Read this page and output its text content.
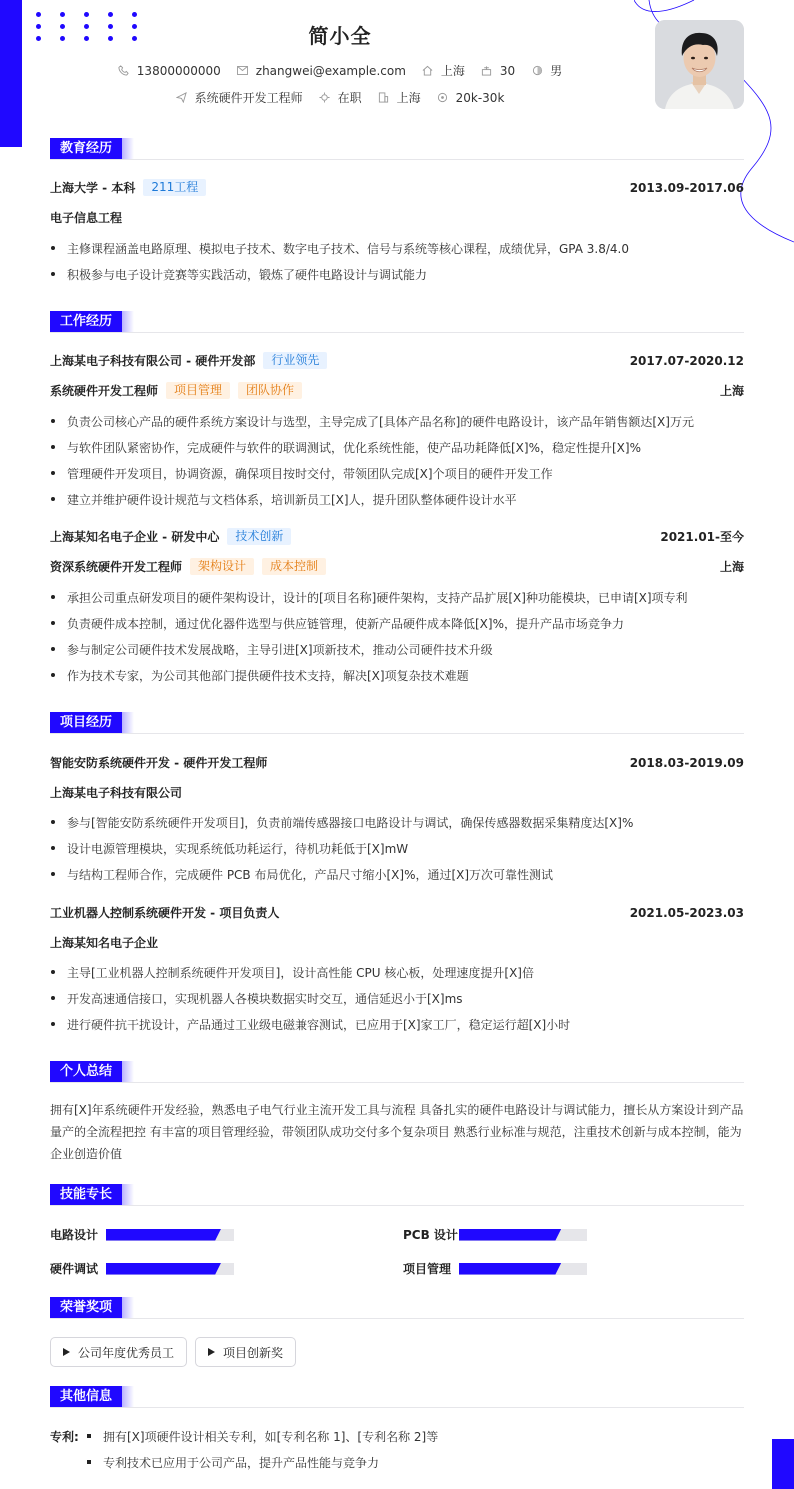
简小全
13800000000	zhangwei@example.com	上海	30	男
系统硬件开发工程师	在职	上海	20k-30k
教育经历
上海大学 - 本科	211工程	2013.09-2017.06
电子信息工程
主修课程涵盖电路原理、模拟电子技术、数字电子技术、信号与系统等核心课程，成绩优异，GPA 3.8/4.0
积极参与电子设计竞赛等实践活动，锻炼了硬件电路设计与调试能力
工作经历
上海某电子科技有限公司 - 硬件开发部	行业领先	2017.07-2020.12
系统硬件开发工程师	项目管理	团队协作	上海
负责公司核心产品的硬件系统方案设计与选型，主导完成了[具体产品名称]的硬件电路设计，该产品年销售额达[X]万元
与软件团队紧密协作，完成硬件与软件的联调测试，优化系统性能，使产品功耗降低[X]%，稳定性提升[X]%
管理硬件开发项目，协调资源，确保项目按时交付，带领团队完成[X]个项目的硬件开发工作
建立并维护硬件设计规范与文档体系，培训新员工[X]人，提升团队整体硬件设计水平
上海某知名电子企业 - 研发中心	技术创新	2021.01-至今
资深系统硬件开发工程师	架构设计	成本控制	上海
承担公司重点研发项目的硬件架构设计，设计的[项目名称]硬件架构，支持产品扩展[X]种功能模块，已申请[X]项专利
负责硬件成本控制，通过优化器件选型与供应链管理，使新产品硬件成本降低[X]%，提升产品市场竞争力
参与制定公司硬件技术发展战略，主导引进[X]项新技术，推动公司硬件技术升级
作为技术专家，为公司其他部门提供硬件技术支持，解决[X]项复杂技术难题
项目经历
智能安防系统硬件开发 - 硬件开发工程师	2018.03-2019.09
上海某电子科技有限公司
参与[智能安防系统硬件开发项目]，负责前端传感器接口电路设计与调试，确保传感器数据采集精度达[X]%
设计电源管理模块，实现系统低功耗运行，待机功耗低于[X]mW
与结构工程师合作，完成硬件 PCB 布局优化，产品尺寸缩小[X]%，通过[X]万次可靠性测试
工业机器人控制系统硬件开发 - 项目负责人	2021.05-2023.03
上海某知名电子企业
主导[工业机器人控制系统硬件开发项目]，设计高性能 CPU 核心板，处理速度提升[X]倍
开发高速通信接口，实现机器人各模块数据实时交互，通信延迟小于[X]ms
进行硬件抗干扰设计，产品通过工业级电磁兼容测试，已应用于[X]家工厂，稳定运行超[X]小时
个人总结
拥有[X]年系统硬件开发经验，熟悉电子电气行业主流开发工具与流程 具备扎实的硬件电路设计与调试能力，擅长从方案设计到产品
量产的全流程把控 有丰富的项目管理经验，带领团队成功交付多个复杂项目 熟悉行业标准与规范，注重技术创新与成本控制，能为
企业创造价值
技能专长
电路设计	PCB 设计
硬件调试	项目管理
荣誉奖项
公司年度优秀员工	项目创新奖
其他信息
专利:	拥有[X]项硬件设计相关专利，如[专利名称 1]、[专利名称 2]等
专利技术已应用于公司产品，提升产品性能与竞争力
